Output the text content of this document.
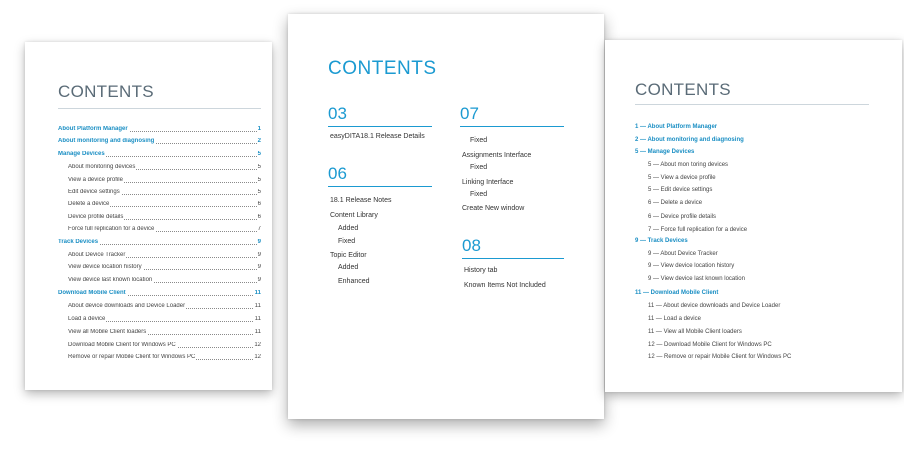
CONTENTS
About Platform Manager	1
About monitoring and diagnosing	2
Manage Devices	5
About monitoring devices	5
View a device profile	5
Edit device settings	5
Delete a device	6
Device profile details	6
Force full replication for a device	7
Track Devices	9
About Device Tracker	9
View device location history	9
View device last known location	9
Download Mobile Client	11
About device downloads and Device Loader	11
Load a device	11
View all Mobile Client loaders	11
Download Mobile Client for Windows PC	12
Remove or repair Mobile Client for Windows PC	12
CONTENTS
03
easyDITA18.1 Release Details
06
18.1 Release Notes
Content Library
Added
Fixed
Topic Editor
Added
Enhanced
07
Fixed
Assignments Interface
Fixed
Linking Interface
Fixed
Create New window
08
History tab
Known Items Not Included
CONTENTS
1 — About Platform Manager
2 — About monitoring and diagnosing
5 — Manage Devices
5 — About mon toring devices
5 — View a device profile
5 — Edit device settings
6 — Delete a device
6 — Device profile details
7 — Force full replication for a device
9 — Track Devices
9 — About Device Tracker
9 — View device location history
9 — View device last known location
11 — Download Mobile Client
11 — About device downloads and Device Loader
11 — Load a device
11 — View all Mobile Client loaders
12 — Download Mobile Client for Windows PC
12 — Remove or repair Mobile Client for Windows PC
